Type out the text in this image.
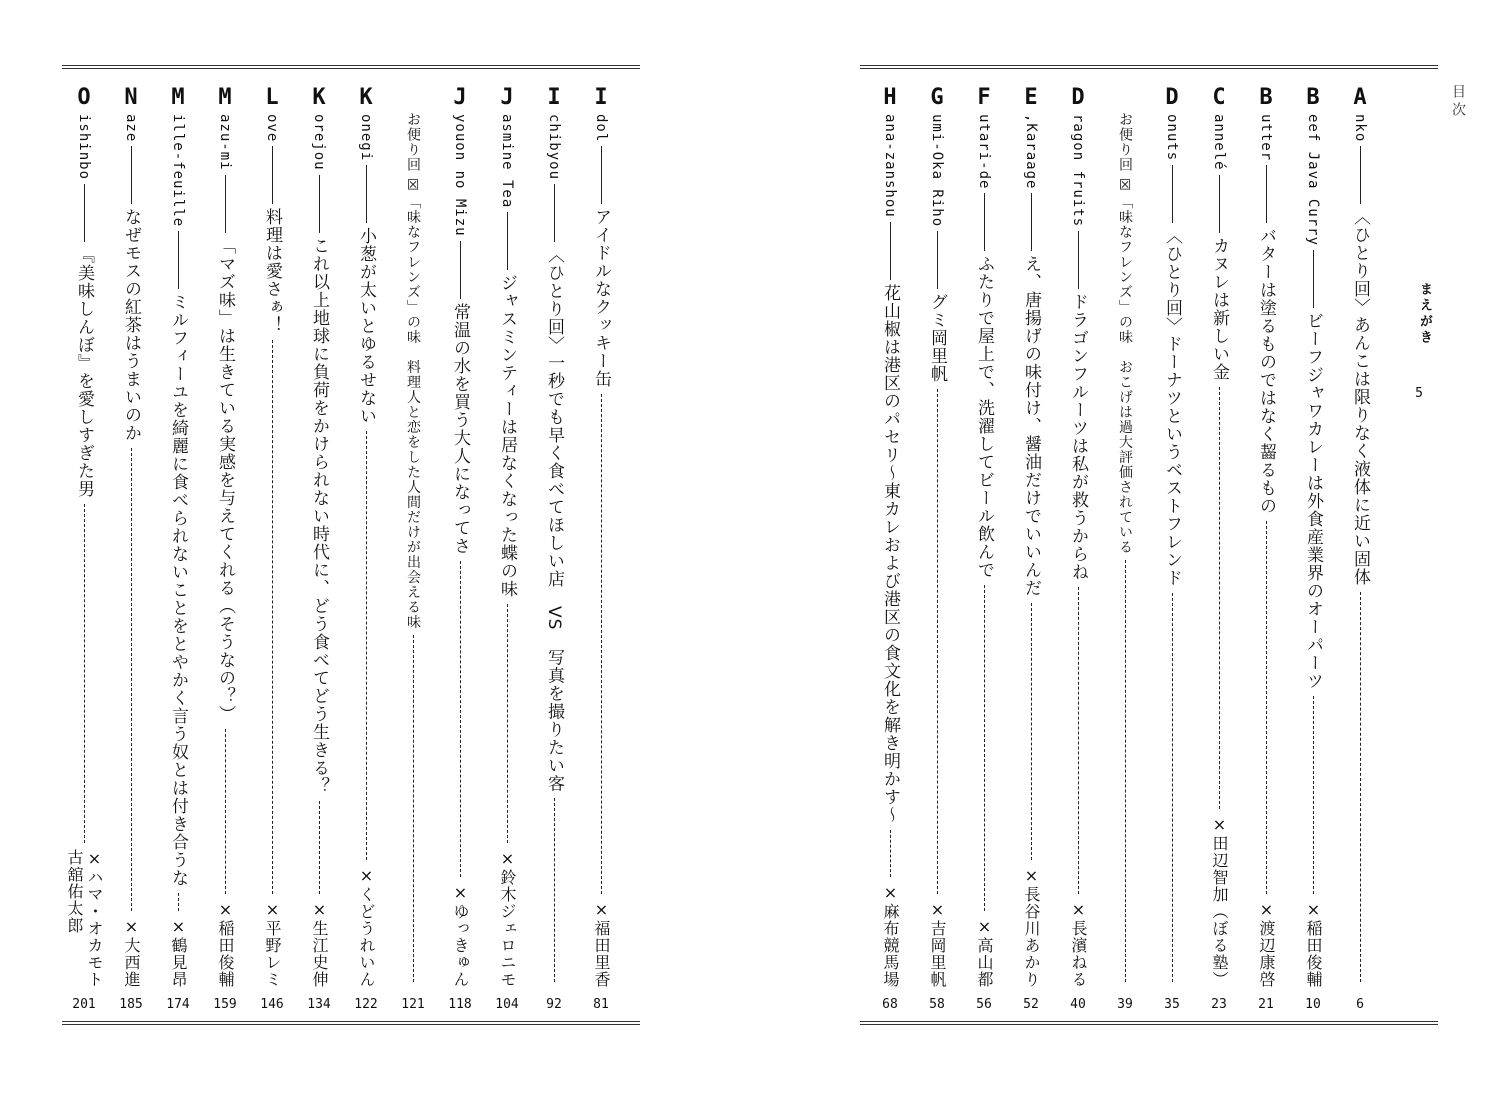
I
dol
アイドルなクッキー缶
×福田里香
81
I
chibyou
〈ひとり回〉一秒でも早く食べてほしい店　VS　写真を撮りたい客
92
J
asmine Tea
ジャスミンティーは居なくなった蝶の味
×鈴木ジェロニモ
104
J
youon no Mizu
常温の水を買う大人になってさ
×ゆっきゅん
118
お便り回 ☒「味なフレンズ」の味　料理人と恋をした人間だけが出会える味
121
K
onegi
小葱が太いとゆるせない
×くどうれいん
122
K
orejou
これ以上地球に負荷をかけられない時代に、どう食べてどう生きる？
×生江史伸
134
L
ove
料理は愛さぁ！
×平野レミ
146
M
azu-mi
「マズ味」は生きている実感を与えてくれる（そうなの？）
×稲田俊輔
159
M
ille-feuille
ミルフィーユを綺麗に食べられないことをとやかく言う奴とは付き合うな
×鶴見昂
174
N
aze
なぜモスの紅茶はうまいのか
×大西進
185
O
ishinbo
『美味しんぼ』を愛しすぎた男
×ハマ・オカモト
古舘佑太郎
201
目次
まえがき
5
A
nko
〈ひとり回〉あんこは限りなく液体に近い固体
6
B
eef Java Curry
ビーフジャワカレーは外食産業界のオーパーツ
×稲田俊輔
10
B
utter
バターは塗るものではなく齧るもの
×渡辺康啓
21
C
annelé
カヌレは新しい金
×田辺智加（ぼる塾）
23
D
onuts
〈ひとり回〉ドーナツというベストフレンド
35
お便り回 ☒「味なフレンズ」の味　おこげは過大評価されている
39
D
ragon fruits
ドラゴンフルーツは私が救うからね
×長濱ねる
40
E
,Karaage
え、唐揚げの味付け、醤油だけでいいんだ
×長谷川あかり
52
F
utari-de
ふたりで屋上で、洗濯してビール飲んで
×高山都
56
G
umi-Oka Riho
グミ岡里帆
×吉岡里帆
58
H
ana-zanshou
花山椒は港区のパセリ〜東カレおよび港区の食文化を解き明かす〜
×麻布競馬場
68
